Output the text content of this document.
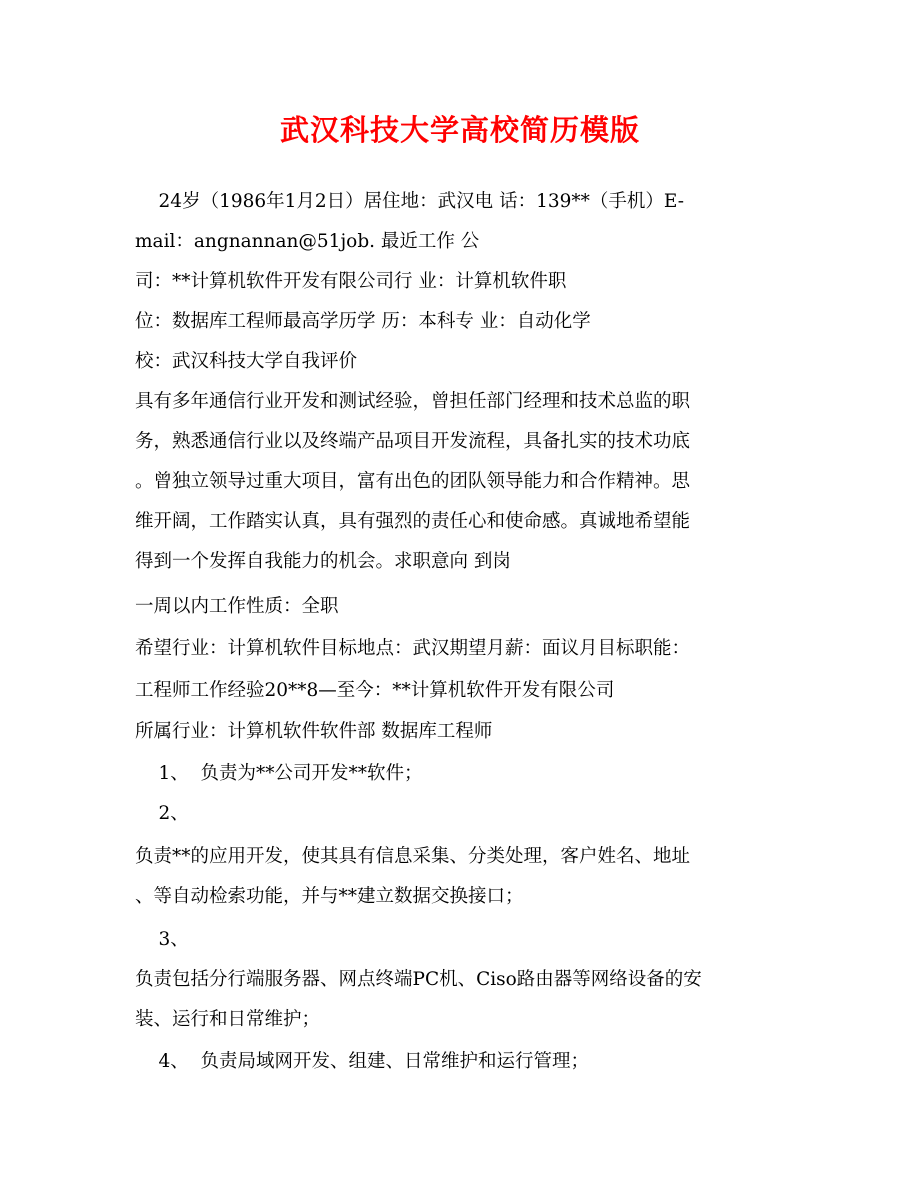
武汉科技大学高校简历模版
24岁（1986年1月2日）居住地：武汉电 话：139**（手机）E-
mail：angnannan@51job. 最近工作 公
司：**计算机软件开发有限公司行 业：计算机软件职
位：数据库工程师最高学历学 历：本科专 业：自动化学
校：武汉科技大学自我评价
具有多年通信行业开发和测试经验，曾担任部门经理和技术总监的职
务，熟悉通信行业以及终端产品项目开发流程，具备扎实的技术功底
。曾独立领导过重大项目，富有出色的团队领导能力和合作精神。思
维开阔，工作踏实认真，具有强烈的责任心和使命感。真诚地希望能
得到一个发挥自我能力的机会。求职意向 到岗
一周以内工作性质：全职
希望行业：计算机软件目标地点：武汉期望月薪：面议月目标职能：
工程师工作经验20**8—至今：**计算机软件开发有限公司
所属行业：计算机软件软件部 数据库工程师
1、  负责为**公司开发**软件；
2、
负责**的应用开发，使其具有信息采集、分类处理，客户姓名、地址
、等自动检索功能，并与**建立数据交换接口；
3、
负责包括分行端服务器、网点终端PC机、Ciso路由器等网络设备的安
装、运行和日常维护；
4、  负责局域网开发、组建、日常维护和运行管理；
